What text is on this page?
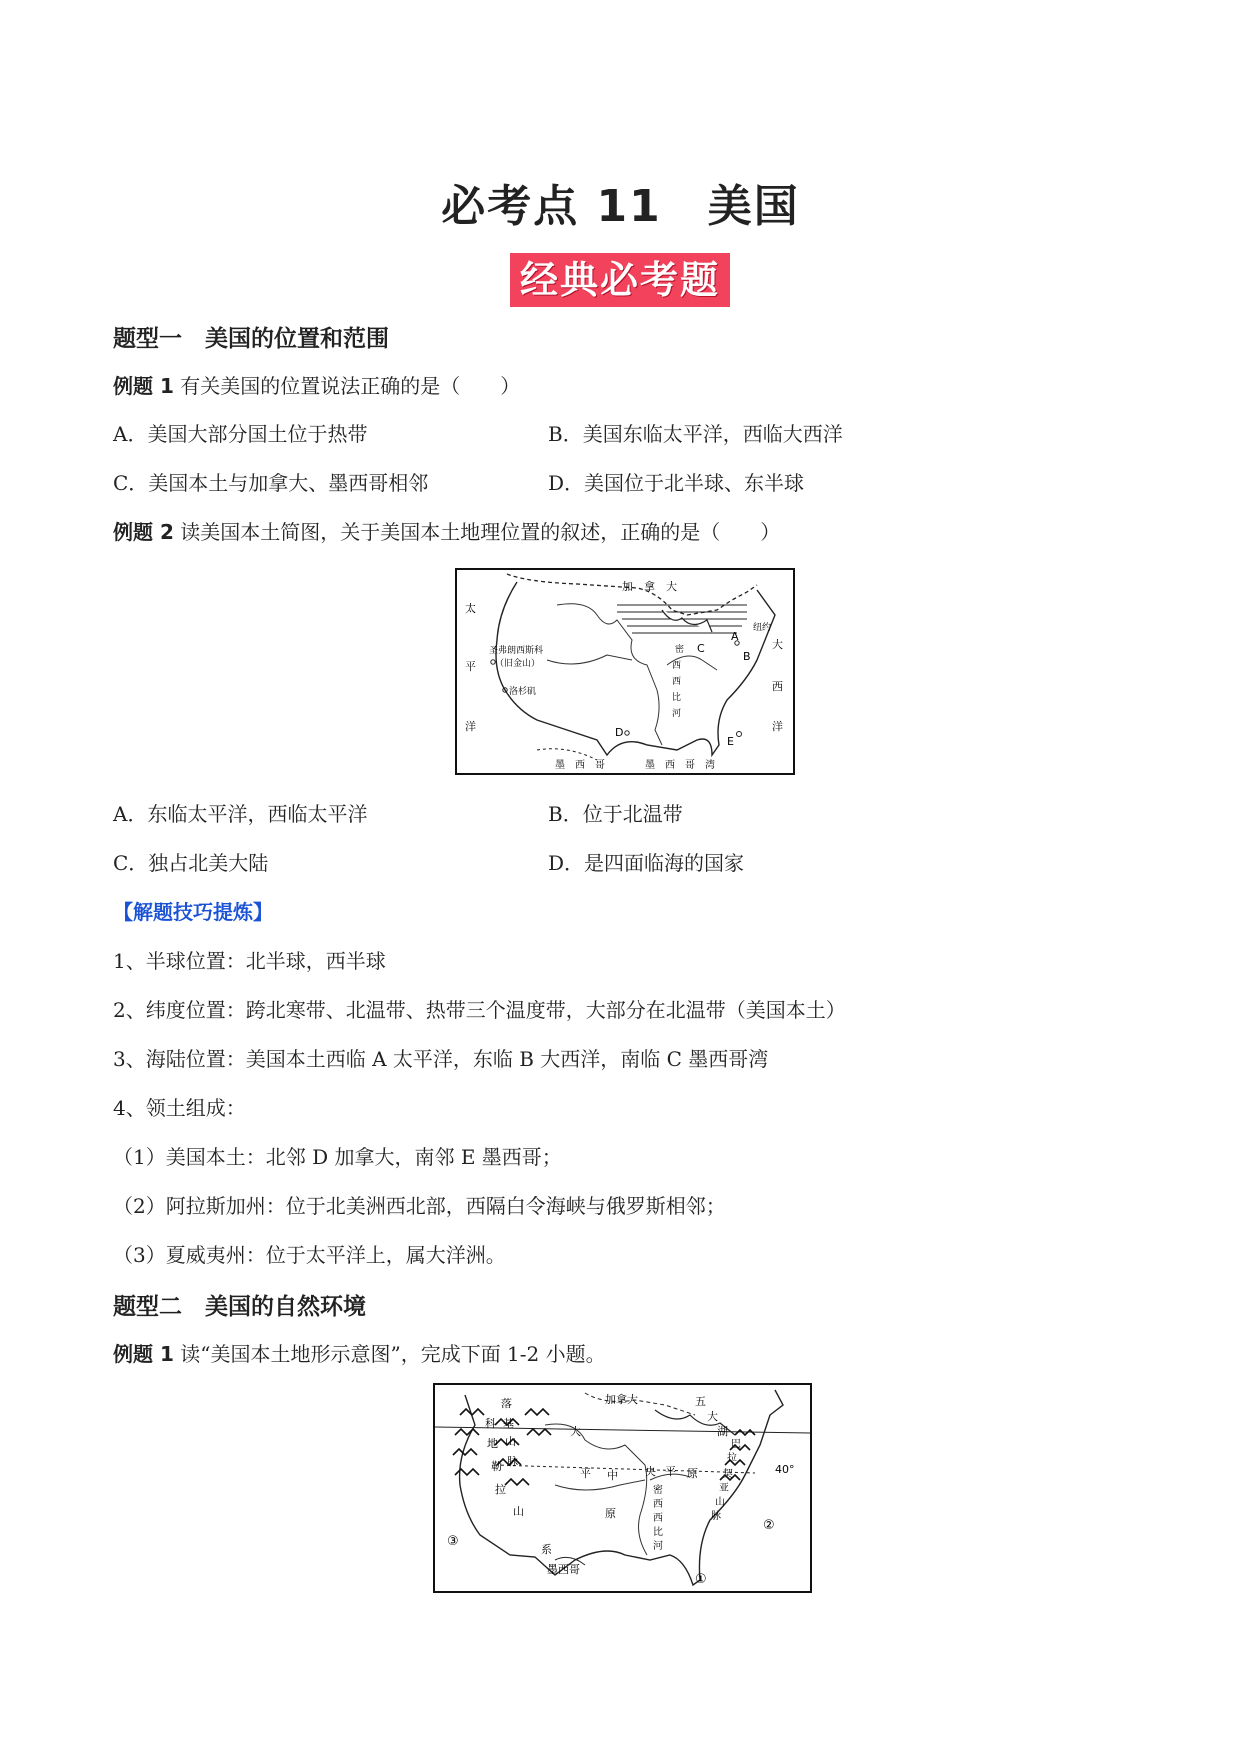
必考点 11　美国
经典必考题
题型一　美国的位置和范围
例题 1 有关美国的位置说法正确的是（　　）
A．美国大部分国土位于热带	B．美国东临太平洋，西临大西洋
C．美国本土与加拿大、墨西哥相邻	D．美国位于北半球、东半球
例题 2 读美国本土简图，关于美国本土地理位置的叙述，正确的是（　　）
加　拿　大
太
平
洋
大
西
洋
圣弗朗西斯科
（旧金山）
洛杉矶
纽约
墨　西　哥	墨　西　哥　湾
密
西
西
比
河
A
B
C
D
E
A．东临太平洋，西临太平洋	B．位于北温带
C．独占北美大陆	D．是四面临海的国家
【解题技巧提炼】
1、半球位置：北半球，西半球
2、纬度位置：跨北寒带、北温带、热带三个温度带，大部分在北温带（美国本土）
3、海陆位置：美国本土西临 A 太平洋，东临 B 大西洋，南临 C 墨西哥湾
4、领土组成：
（1）美国本土：北邻 D 加拿大，南邻 E 墨西哥；
（2）阿拉斯加州：位于北美洲西北部，西隔白令海峡与俄罗斯相邻；
（3）夏威夷州：位于太平洋上，属大洋洲。
题型二　美国的自然环境
例题 1 读“美国本土地形示意图”，完成下面 1-2 小题。
加拿大
落
基
山
脉
科
地
勒
拉
山
系
大
平 中 央 平 原
五
大
湖
巴
拉
契
亚
山
脉
密
西
西
比
河
原
墨西哥
40°
①
②
③
